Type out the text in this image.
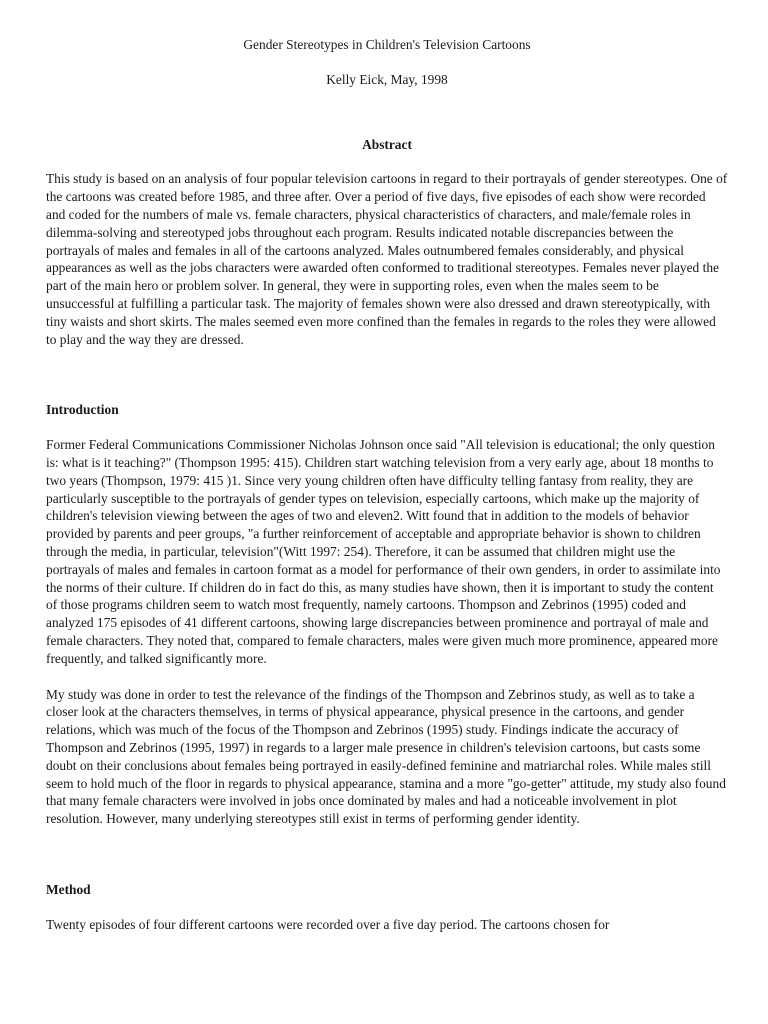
Gender Stereotypes in Children's Television Cartoons
Kelly Eick, May, 1998
Abstract

This study is based on an analysis of four popular television cartoons in regard to their portrayals of gender stereotypes. One of the cartoons was created before 1985, and three after. Over a period of five days, five episodes of each show were recorded and coded for the numbers of male vs. female characters, physical characteristics of characters, and male/female roles in dilemma-solving and stereotyped jobs throughout each program. Results indicated notable discrepancies between the portrayals of males and females in all of the cartoons analyzed. Males outnumbered females considerably, and physical appearances as well as the jobs characters were awarded often conformed to traditional stereotypes. Females never played the part of the main hero or problem solver. In general, they were in supporting roles, even when the males seem to be unsuccessful at fulfilling a particular task. The majority of females shown were also dressed and drawn stereotypically, with tiny waists and short skirts. The males seemed even more confined than the females in regards to the roles they were allowed to play and the way they are dressed.

Introduction

Former Federal Communications Commissioner Nicholas Johnson once said "All television is educational; the only question is: what is it teaching?" (Thompson 1995: 415). Children start watching television from a very early age, about 18 months to two years (Thompson, 1979: 415 )1. Since very young children often have difficulty telling fantasy from reality, they are particularly susceptible to the portrayals of gender types on television, especially cartoons, which make up the majority of children's television viewing between the ages of two and eleven2. Witt found that in addition to the models of behavior provided by parents and peer groups, "a further reinforcement of acceptable and appropriate behavior is shown to children through the media, in particular, television"(Witt 1997: 254). Therefore, it can be assumed that children might use the portrayals of males and females in cartoon format as a model for performance of their own genders, in order to assimilate into the norms of their culture. If children do in fact do this, as many studies have shown, then it is important to study the content of those programs children seem to watch most frequently, namely cartoons. Thompson and Zebrinos (1995) coded and analyzed 175 episodes of 41 different cartoons, showing large discrepancies between prominence and portrayal of male and female characters. They noted that, compared to female characters, males were given much more prominence, appeared more frequently, and talked significantly more.

My study was done in order to test the relevance of the findings of the Thompson and Zebrinos study, as well as to take a closer look at the characters themselves, in terms of physical appearance, physical presence in the cartoons, and gender relations, which was much of the focus of the Thompson and Zebrinos (1995) study. Findings indicate the accuracy of Thompson and Zebrinos (1995, 1997) in regards to a larger male presence in children's television cartoons, but casts some doubt on their conclusions about females being portrayed in easily-defined feminine and matriarchal roles. While males still seem to hold much of the floor in regards to physical appearance, stamina and a more "go-getter" attitude, my study also found that many female characters were involved in jobs once dominated by males and had a noticeable involvement in plot resolution. However, many underlying stereotypes still exist in terms of performing gender identity.

Method

Twenty episodes of four different cartoons were recorded over a five day period. The cartoons chosen for
